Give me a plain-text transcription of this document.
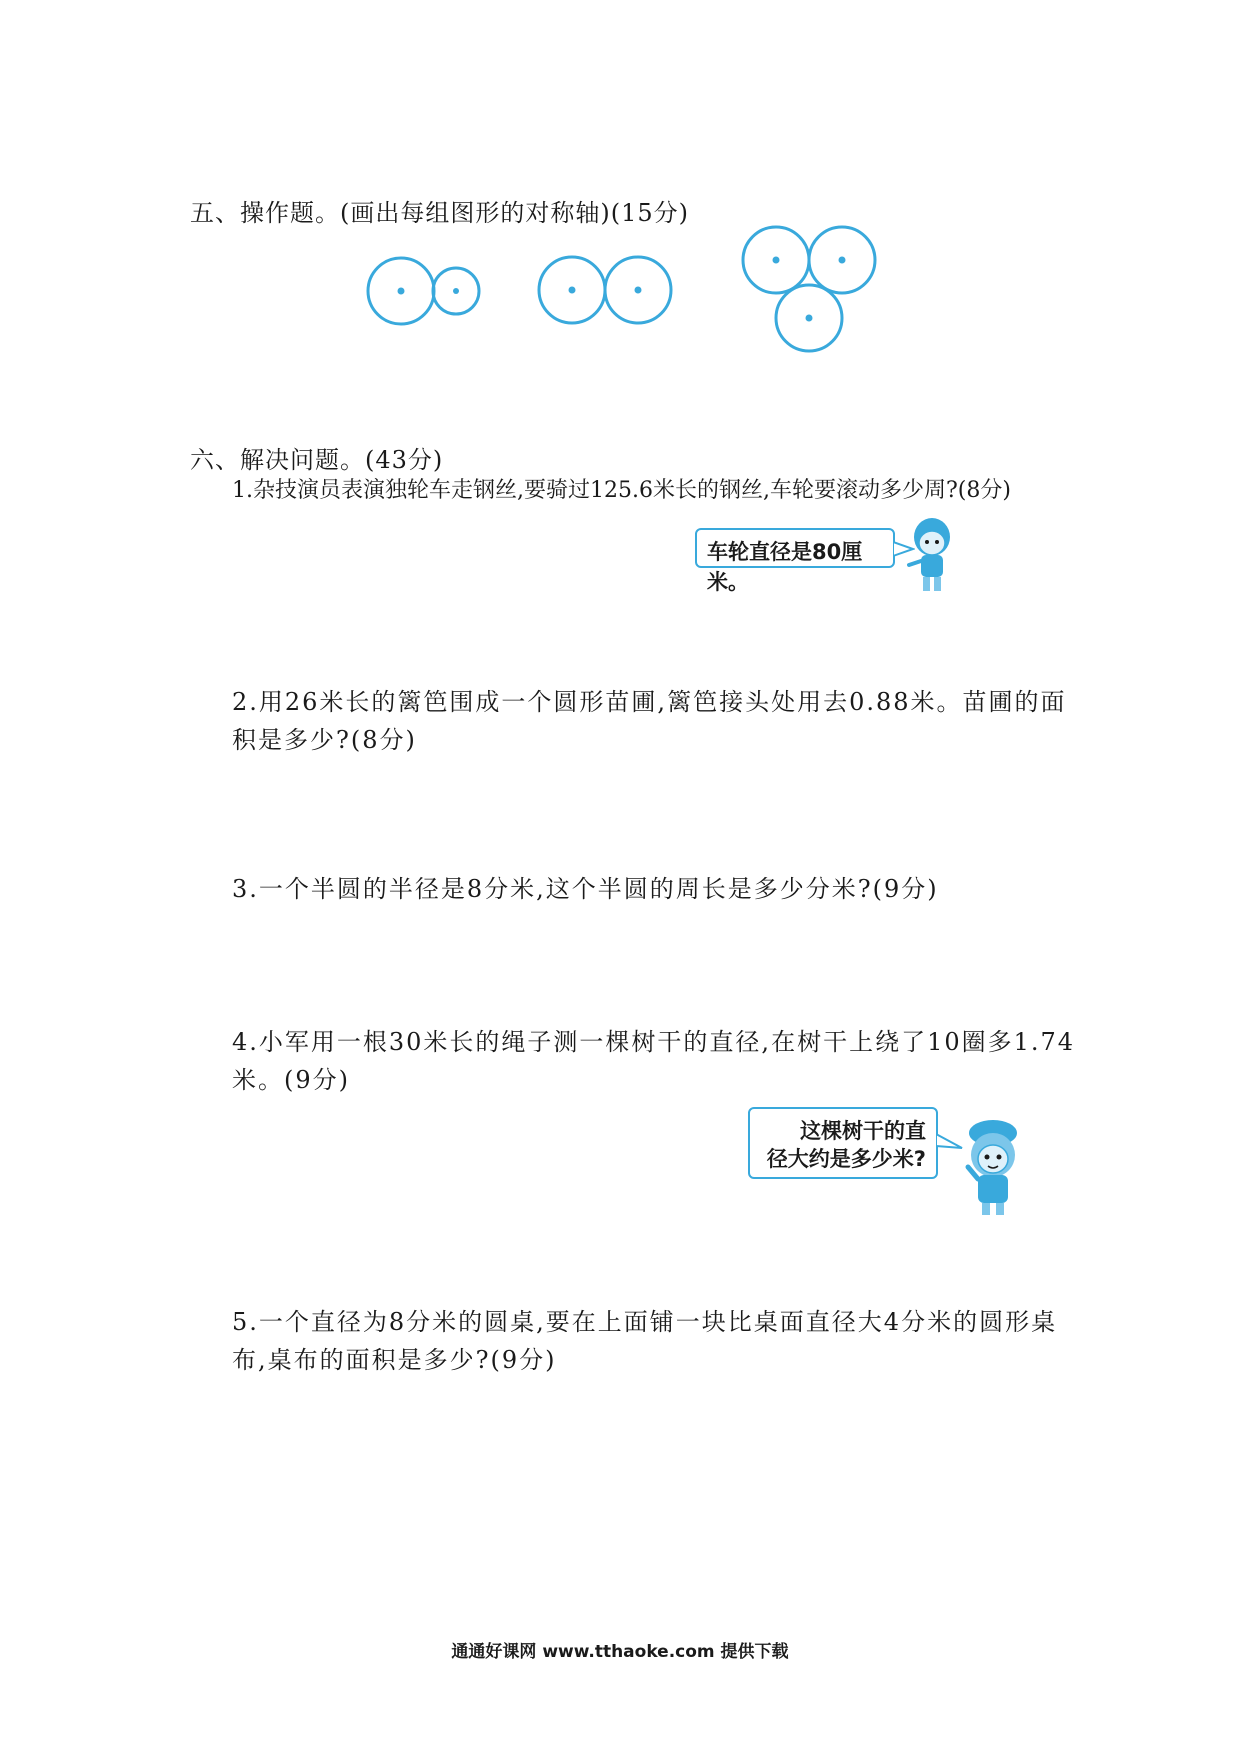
五、操作题。(画出每组图形的对称轴)(15分)
六、解决问题。(43分)
1.杂技演员表演独轮车走钢丝,要骑过125.6米长的钢丝,车轮要滚动多少周?(8分)
车轮直径是80厘米。
2.用26米长的篱笆围成一个圆形苗圃,篱笆接头处用去0.88米。苗圃的面
积是多少?(8分)
3.一个半圆的半径是8分米,这个半圆的周长是多少分米?(9分)
4.小军用一根30米长的绳子测一棵树干的直径,在树干上绕了10圈多1.74
米。(9分)
这棵树干的直
径大约是多少米?
5.一个直径为8分米的圆桌,要在上面铺一块比桌面直径大4分米的圆形桌
布,桌布的面积是多少?(9分)
通通好课网 www.tthaoke.com 提供下载
